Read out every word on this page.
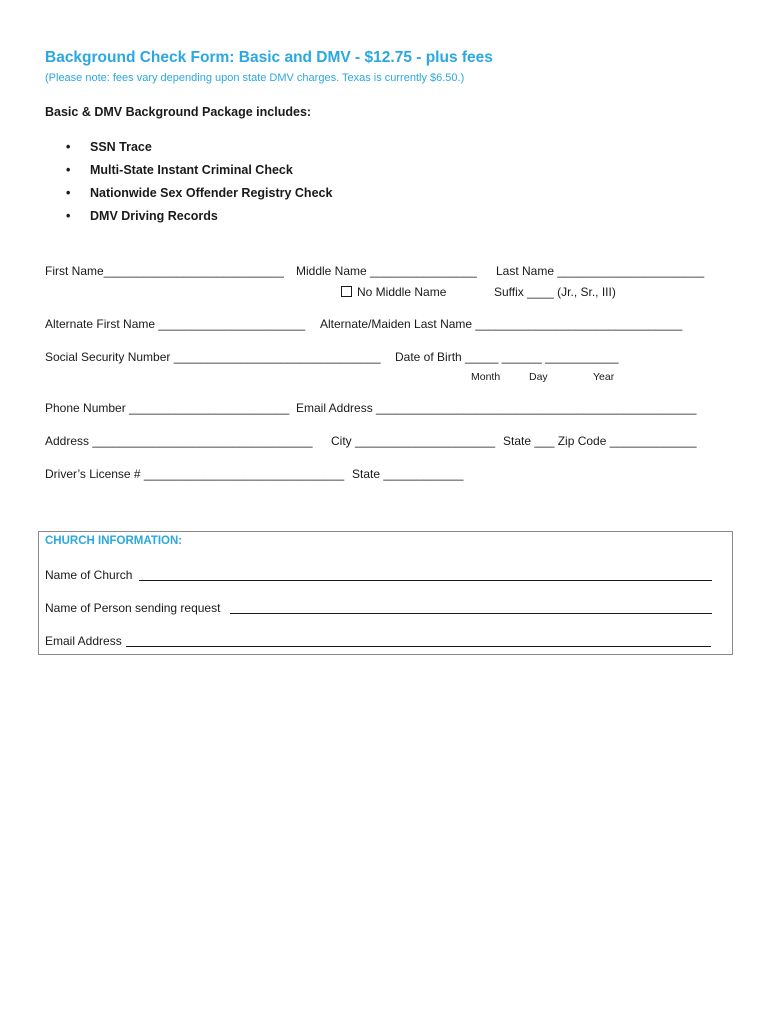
Background Check Form: Basic and DMV - $12.75 - plus fees
(Please note: fees vary depending upon state DMV charges. Texas is currently $6.50.)
Basic & DMV Background Package includes:
• SSN Trace
• Multi-State Instant Criminal Check
• Nationwide Sex Offender Registry Check
• DMV Driving Records
First Name___________________________ Middle Name ________________ Last Name ______________________
No Middle Name	Suffix ____ (Jr., Sr., III)
Alternate First Name ______________________ Alternate/Maiden Last Name _______________________________
Social Security Number _______________________________ Date of Birth _____ ______ ___________
Month	Day	Year
Phone Number ________________________ Email Address ________________________________________________
Address _________________________________ City _____________________ State ___ Zip Code _____________
Driver’s License # ______________________________ State ____________
CHURCH INFORMATION:
Name of Church
Name of Person sending request
Email Address
